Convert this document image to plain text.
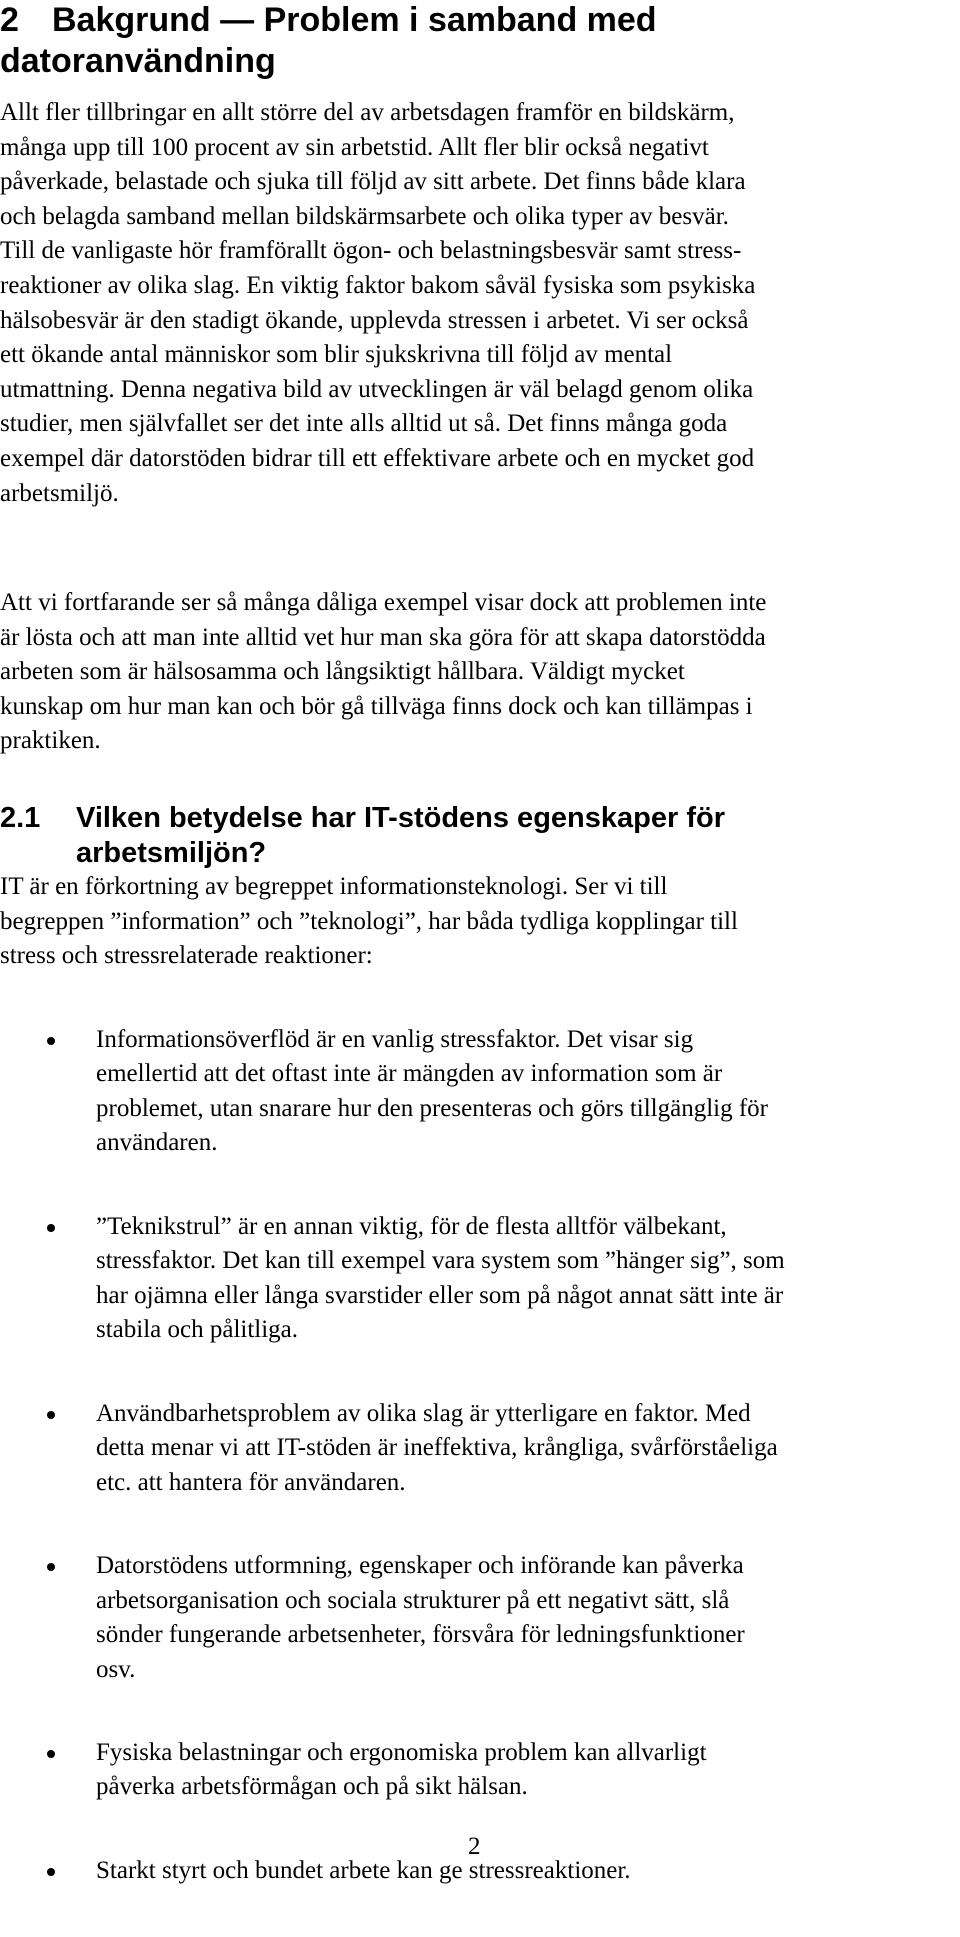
2 Bakgrund — Problem i samband med
datoranvändning

Allt fler tillbringar en allt större del av arbetsdagen framför en bildskärm,
många upp till 100 procent av sin arbetstid. Allt fler blir också negativt
påverkade, belastade och sjuka till följd av sitt arbete. Det finns både klara
och belagda samband mellan bildskärmsarbete och olika typer av besvär.
Till de vanligaste hör framförallt ögon- och belastningsbesvär samt stress-
reaktioner av olika slag. En viktig faktor bakom såväl fysiska som psykiska
hälsobesvär är den stadigt ökande, upplevda stressen i arbetet. Vi ser också
ett ökande antal människor som blir sjukskrivna till följd av mental
utmattning. Denna negativa bild av utvecklingen är väl belagd genom olika
studier, men självfallet ser det inte alls alltid ut så. Det finns många goda
exempel där datorstöden bidrar till ett effektivare arbete och en mycket god
arbetsmiljö.

Att vi fortfarande ser så många dåliga exempel visar dock att problemen inte
är lösta och att man inte alltid vet hur man ska göra för att skapa datorstödda
arbeten som är hälsosamma och långsiktigt hållbara. Väldigt mycket
kunskap om hur man kan och bör gå tillväga finns dock och kan tillämpas i
praktiken.

2.1 Vilken betydelse har IT-stödens egenskaper för
arbetsmiljön?

IT är en förkortning av begreppet informationsteknologi. Ser vi till
begreppen ”information” och ”teknologi”, har båda tydliga kopplingar till
stress och stressrelaterade reaktioner:

Informationsöverflöd är en vanlig stressfaktor. Det visar sig
emellertid att det oftast inte är mängden av information som är
problemet, utan snarare hur den presenteras och görs tillgänglig för
användaren.

”Teknikstrul” är en annan viktig, för de flesta alltför välbekant,
stressfaktor. Det kan till exempel vara system som ”hänger sig”, som
har ojämna eller långa svarstider eller som på något annat sätt inte är
stabila och pålitliga.

Användbarhetsproblem av olika slag är ytterligare en faktor. Med
detta menar vi att IT-stöden är ineffektiva, krångliga, svårförståeliga
etc. att hantera för användaren.

Datorstödens utformning, egenskaper och införande kan påverka
arbetsorganisation och sociala strukturer på ett negativt sätt, slå
sönder fungerande arbetsenheter, försvåra för ledningsfunktioner
osv.

Fysiska belastningar och ergonomiska problem kan allvarligt
påverka arbetsförmågan och på sikt hälsan.

Starkt styrt och bundet arbete kan ge stressreaktioner.

2
